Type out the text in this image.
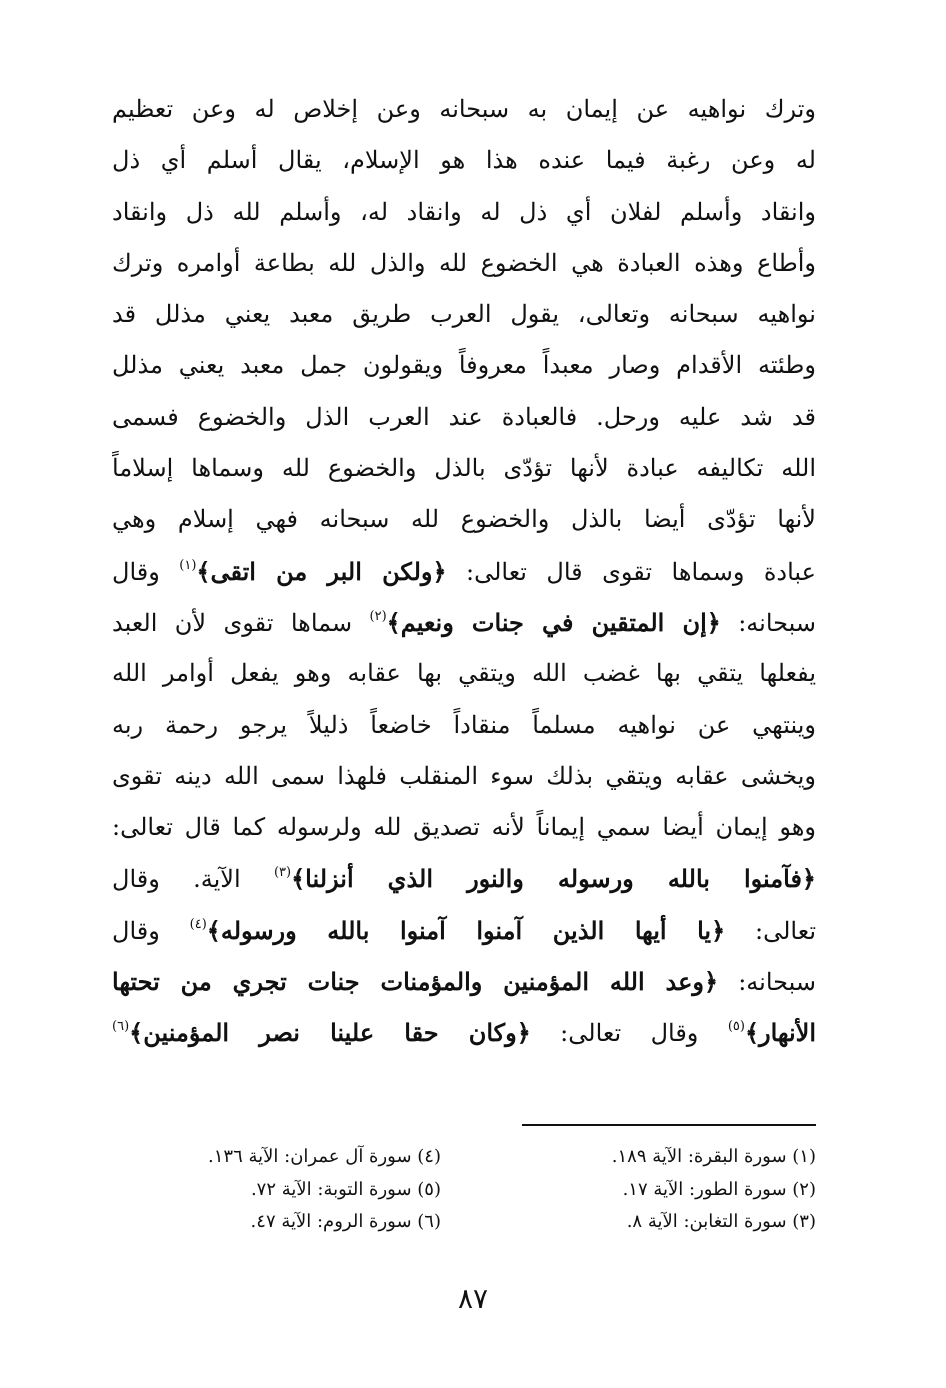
وترك نواهيه عن إيمان به سبحانه وعن إخلاص له وعن تعظيم
له وعن رغبة فيما عنده هذا هو الإسلام، يقال أسلم أي ذل
وانقاد وأسلم لفلان أي ذل له وانقاد له، وأسلم لله ذل وانقاد
وأطاع وهذه العبادة هي الخضوع لله والذل لله بطاعة أوامره وترك
نواهيه سبحانه وتعالى، يقول العرب طريق معبد يعني مذلل قد
وطئته الأقدام وصار معبداً معروفاً ويقولون جمل معبد يعني مذلل
قد شد عليه ورحل. فالعبادة عند العرب الذل والخضوع فسمى
الله تكاليفه عبادة لأنها تؤدّى بالذل والخضوع لله وسماها إسلاماً
لأنها تؤدّى أيضا بالذل والخضوع لله سبحانه فهي إسلام وهي
عبادة وسماها تقوى قال تعالى: ﴿ولكن البر من اتقى﴾$^{(١)}$ وقال
سبحانه: ﴿إن المتقين في جنات ونعيم﴾$^{(٢)}$ سماها تقوى لأن العبد
يفعلها يتقي بها غضب الله ويتقي بها عقابه وهو يفعل أوامر الله
وينتهي عن نواهيه مسلماً منقاداً خاضعاً ذليلاً يرجو رحمة ربه
ويخشى عقابه ويتقي بذلك سوء المنقلب فلهذا سمى الله دينه تقوى
وهو إيمان أيضا سمي إيماناً لأنه تصديق لله ولرسوله كما قال تعالى:
﴿فآمنوا بالله ورسوله والنور الذي أنزلنا﴾$^{(٣)}$ الآية. وقال
تعالى: ﴿يا أيها الذين آمنوا آمنوا بالله ورسوله﴾$^{(٤)}$ وقال
سبحانه: ﴿وعد الله المؤمنين والمؤمنات جنات تجري من تحتها
الأنهار﴾$^{(٥)}$ وقال تعالى: ﴿وكان حقا علينا نصر المؤمنين﴾$^{(٦)}$
(١) سورة البقرة: الآية ١٨٩.
(٢) سورة الطور: الآية ١٧.
(٣) سورة التغابن: الآية ٨.
(٤) سورة آل عمران: الآية ١٣٦.
(٥) سورة التوبة: الآية ٧٢.
(٦) سورة الروم: الآية ٤٧.
٨٧
